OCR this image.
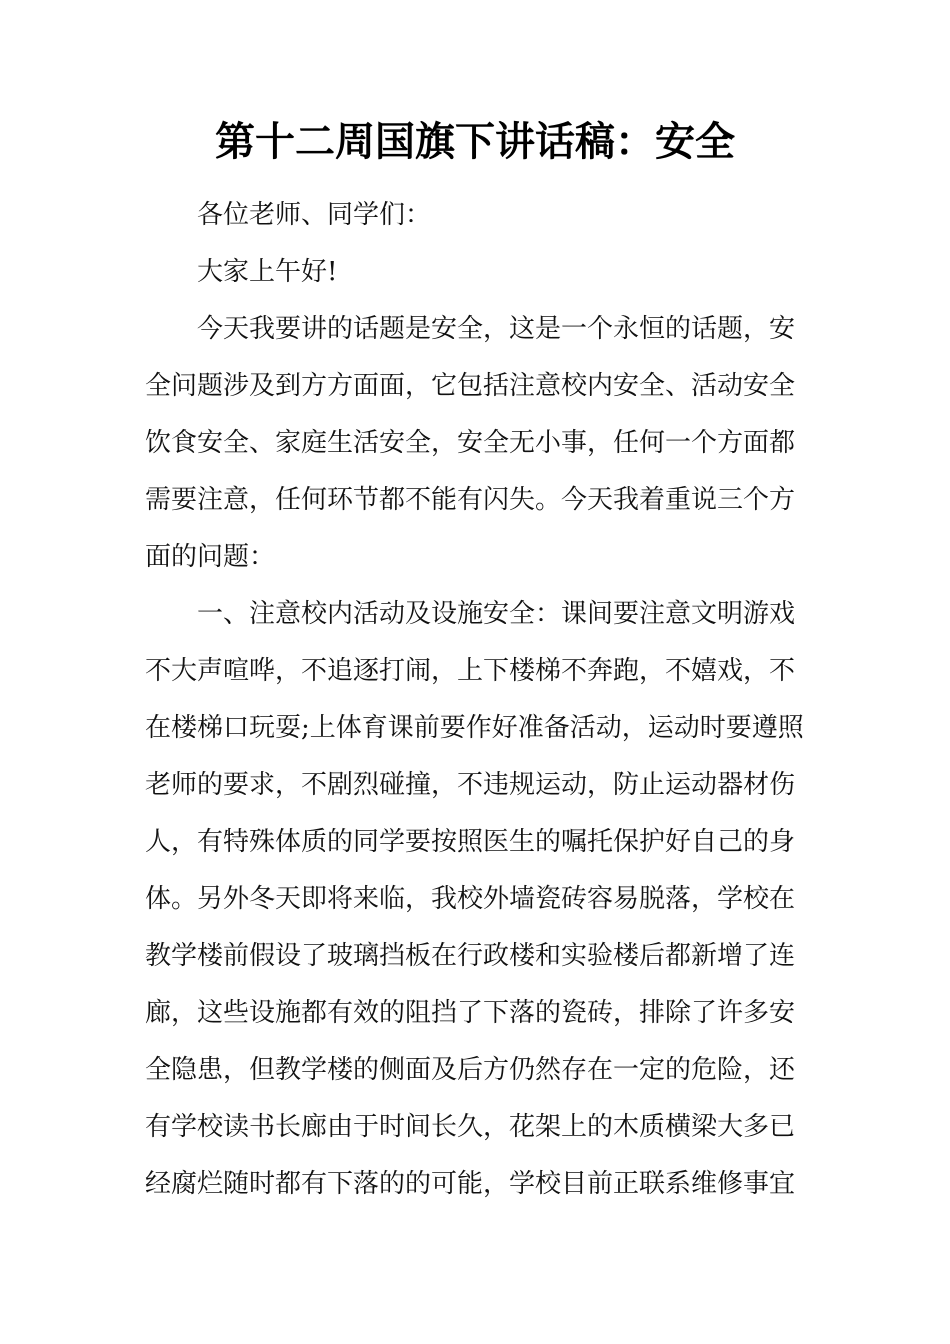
第十二周国旗下讲话稿：安全

各位老师、同学们：

大家上午好!

今天我要讲的话题是安全，这是一个永恒的话题，安

全问题涉及到方方面面，它包括注意校内安全、活动安全

饮食安全、家庭生活安全，安全无小事，任何一个方面都

需要注意，任何环节都不能有闪失。今天我着重说三个方

面的问题：

一、注意校内活动及设施安全：课间要注意文明游戏

不大声喧哗，不追逐打闹，上下楼梯不奔跑，不嬉戏，不

在楼梯口玩耍;上体育课前要作好准备活动，运动时要遵照

老师的要求，不剧烈碰撞，不违规运动，防止运动器材伤

人，有特殊体质的同学要按照医生的嘱托保护好自己的身

体。另外冬天即将来临，我校外墙瓷砖容易脱落，学校在

教学楼前假设了玻璃挡板在行政楼和实验楼后都新增了连

廊，这些设施都有效的阻挡了下落的瓷砖，排除了许多安

全隐患，但教学楼的侧面及后方仍然存在一定的危险，还

有学校读书长廊由于时间长久，花架上的木质横梁大多已

经腐烂随时都有下落的的可能，学校目前正联系维修事宜
